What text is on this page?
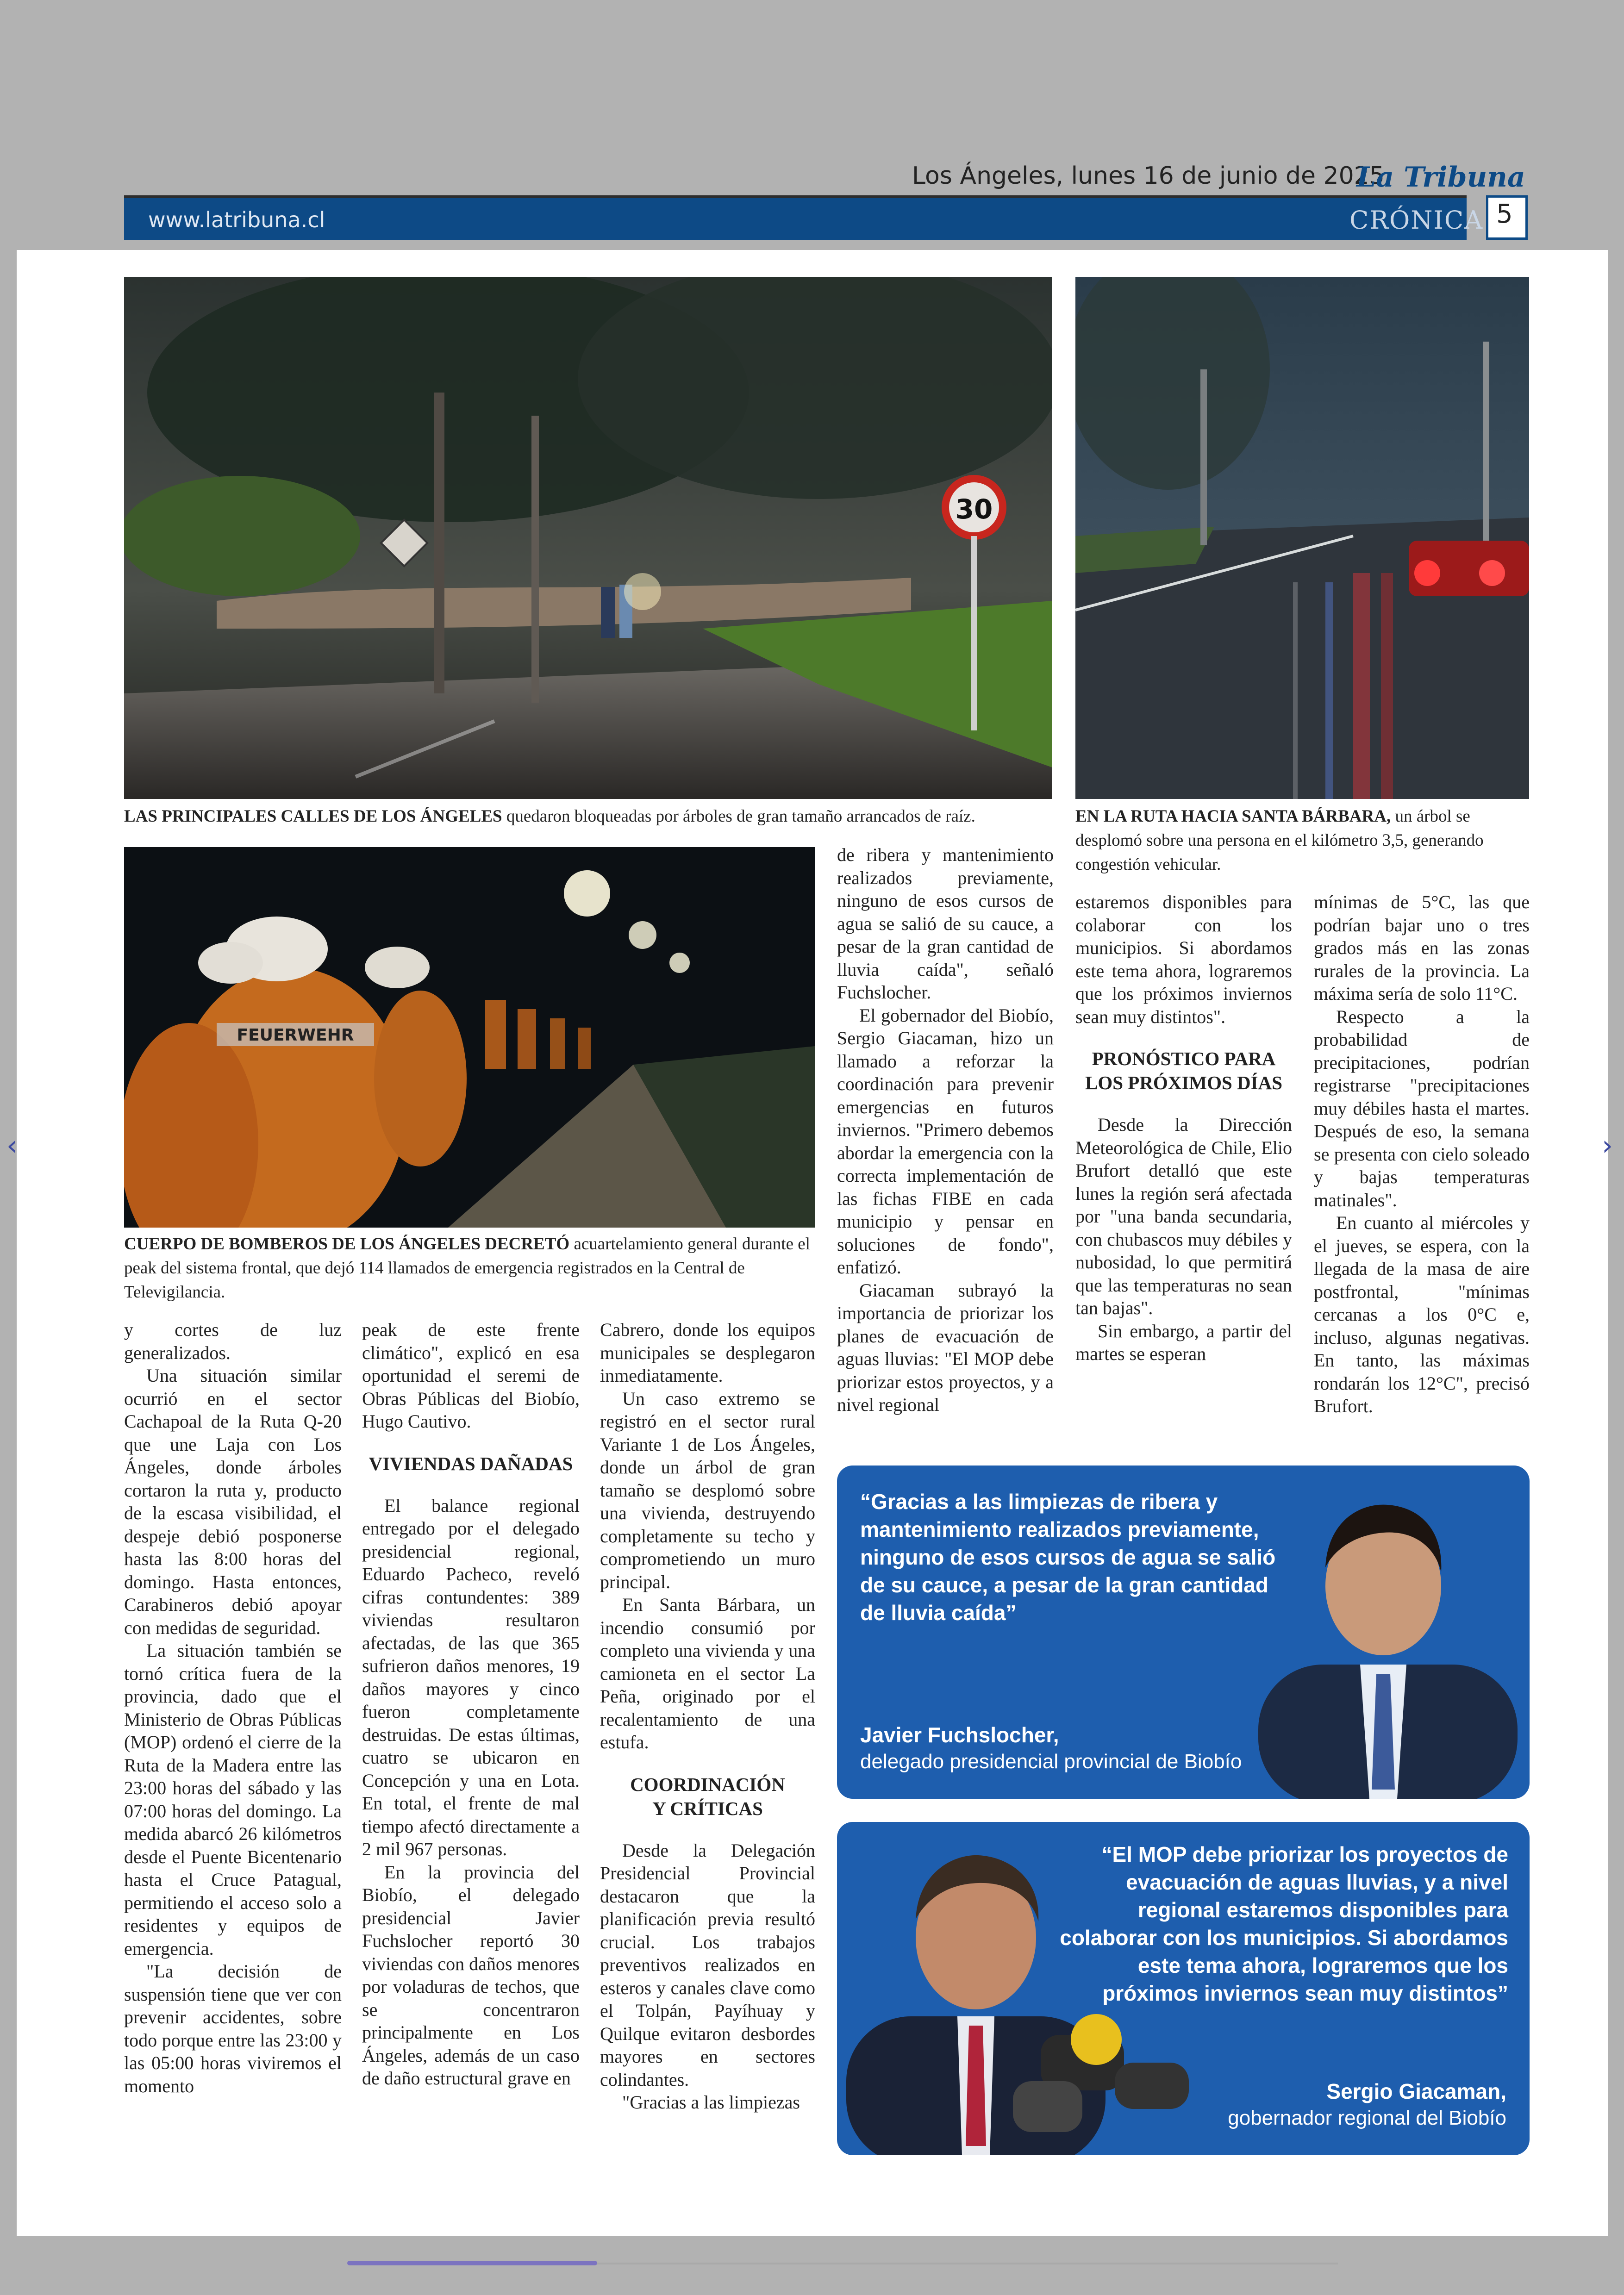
Los Ángeles, lunes 16 de junio de 2025
La Tribuna
www.latribuna.cl	CRÓNICA 5
30
LAS PRINCIPALES CALLES DE LOS ÁNGELES quedaron bloqueadas por árboles de gran tamaño arrancados de raíz.	EN LA RUTA HACIA SANTA BÁRBARA, un árbol se desplomó sobre una persona en el kilómetro 3,5, generando congestión vehicular.
FEUERWEHR
CUERPO DE BOMBEROS DE LOS ÁNGELES DECRETÓ acuartelamiento general durante el peak del sistema frontal, que dejó 114 llamados de emergencia registrados en la Central de Televigilancia.

y cortes de luz generalizados.

Una situación similar ocurrió en el sector Cachapoal de la Ruta Q-20 que une Laja con Los Ángeles, donde árboles cortaron la ruta y, producto de la escasa visibilidad, el despeje debió posponerse hasta las 8:00 horas del domingo. Hasta entonces, Carabineros debió apoyar con medidas de seguridad.

La situación también se tornó crítica fuera de la provincia, dado que el Ministerio de Obras Públicas (MOP) ordenó el cierre de la Ruta de la Madera entre las 23:00 horas del sábado y las 07:00 horas del domingo. La medida abarcó 26 kilómetros desde el Puente Bicentenario hasta el Cruce Patagual, permitiendo el acceso solo a residentes y equipos de emergencia.

"La decisión de suspensión tiene que ver con prevenir accidentes, sobre todo porque entre las 23:00 y las 05:00 horas viviremos el momento

peak de este frente climático", explicó en esa oportunidad el seremi de Obras Públicas del Biobío, Hugo Cautivo.

VIVIENDAS DAÑADAS

El balance regional entregado por el delegado presidencial regional, Eduardo Pacheco, reveló cifras contundentes: 389 viviendas resultaron afectadas, de las que 365 sufrieron daños menores, 19 daños mayores y cinco fueron completamente destruidas. De estas últimas, cuatro se ubicaron en Concepción y una en Lota. En total, el frente de mal tiempo afectó directamente a 2 mil 967 personas.

En la provincia del Biobío, el delegado presidencial Javier Fuchslocher reportó 30 viviendas con daños menores por voladuras de techos, que se concentraron principalmente en Los Ángeles, además de un caso de daño estructural grave en

Cabrero, donde los equipos municipales se desplegaron inmediatamente.

Un caso extremo se registró en el sector rural Variante 1 de Los Ángeles, donde un árbol de gran tamaño se desplomó sobre una vivienda, destruyendo completamente su techo y comprometiendo un muro principal.

En Santa Bárbara, un incendio consumió por completo una vivienda y una camioneta en el sector La Peña, originado por el recalentamiento de una estufa.

COORDINACIÓN
Y CRÍTICAS

Desde la Delegación Presidencial Provincial destacaron que la planificación previa resultó crucial. Los trabajos preventivos realizados en esteros y canales clave como el Tolpán, Payíhuay y Quilque evitaron desbordes mayores en sectores colindantes.

"Gracias a las limpiezas

de ribera y mantenimiento realizados previamente, ninguno de esos cursos de agua se salió de su cauce, a pesar de la gran cantidad de lluvia caída", señaló Fuchslocher.

El gobernador del Biobío, Sergio Giacaman, hizo un llamado a reforzar la coordinación para prevenir emergencias en futuros inviernos. "Primero debemos abordar la emergencia con la correcta implementación de las fichas FIBE en cada municipio y pensar en soluciones de fondo", enfatizó.

Giacaman subrayó la importancia de priorizar los planes de evacuación de aguas lluvias: "El MOP debe priorizar estos proyectos, y a nivel regional

estaremos disponibles para colaborar con los municipios. Si abordamos este tema ahora, lograremos que los próximos inviernos sean muy distintos".

PRONÓSTICO PARA
LOS PRÓXIMOS DÍAS

Desde la Dirección Meteorológica de Chile, Elio Brufort detalló que este lunes la región será afectada por "una banda secundaria, con chubascos muy débiles y nubosidad, lo que permitirá que las temperaturas no sean tan bajas".

Sin embargo, a partir del martes se esperan

mínimas de 5°C, las que podrían bajar uno o tres grados más en las zonas rurales de la provincia. La máxima sería de solo 11°C.

Respecto a la probabilidad de precipitaciones, podrían registrarse "precipitaciones muy débiles hasta el martes. Después de eso, la semana se presenta con cielo soleado y bajas temperaturas matinales".

En cuanto al miércoles y el jueves, se espera, con la llegada de la masa de aire postfrontal, "mínimas cercanas a los 0°C e, incluso, algunas negativas. En tanto, las máximas rondarán los 12°C", precisó Brufort.

“Gracias a las limpiezas de ribera y mantenimiento realizados previamente, ninguno de esos cursos de agua se salió de su cauce, a pesar de la gran cantidad de lluvia caída”
Javier Fuchslocher,
delegado presidencial provincial de Biobío
“El MOP debe priorizar los proyectos de evacuación de aguas lluvias, y a nivel regional estaremos disponibles para colaborar con los municipios. Si abordamos este tema ahora, lograremos que los próximos inviernos sean muy distintos”
Sergio Giacaman,
gobernador regional del Biobío
‹	›
